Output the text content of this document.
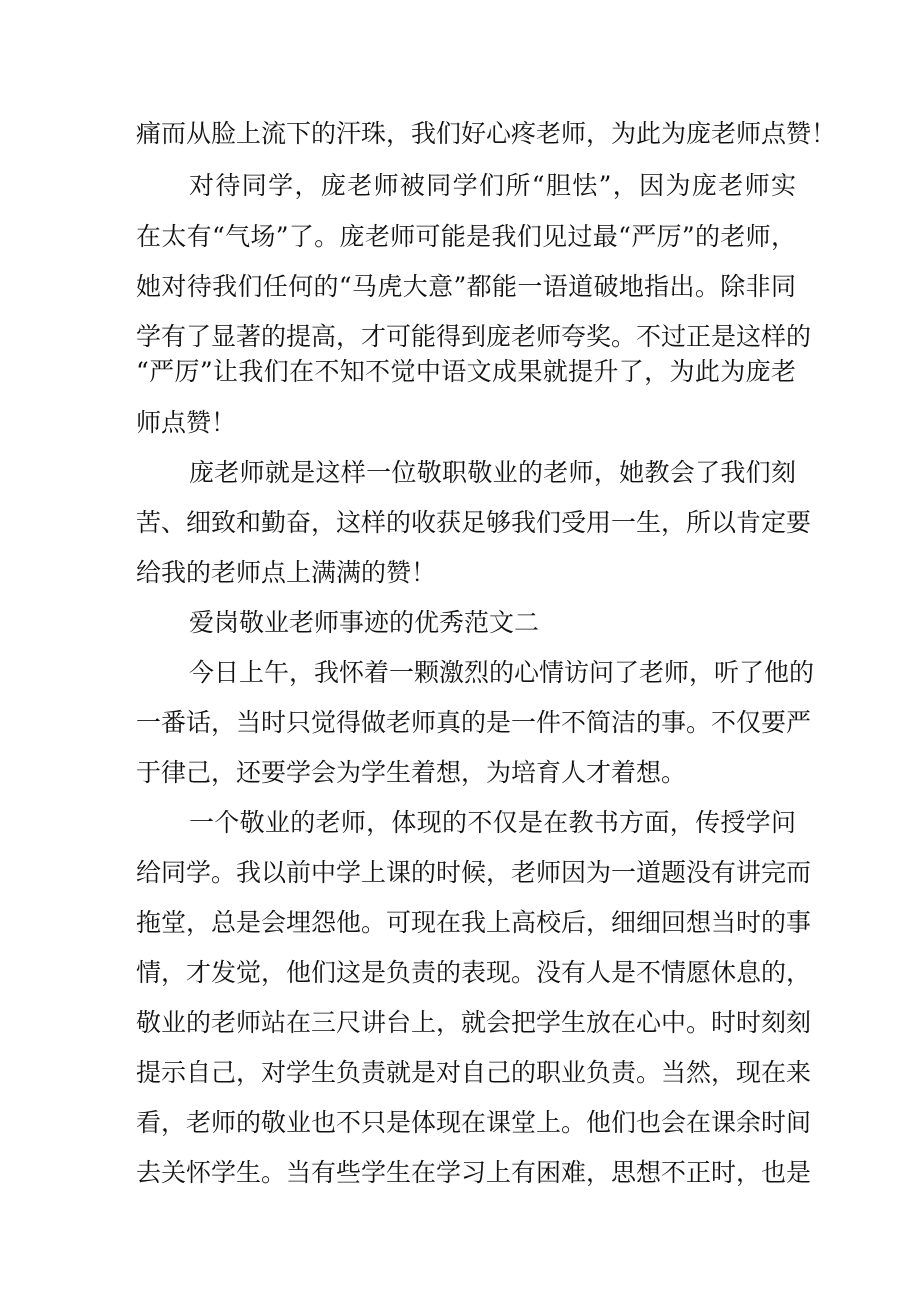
痛而从脸上流下的汗珠，我们好心疼老师，为此为庞老师点赞！
对待同学，庞老师被同学们所“胆怯”，因为庞老师实
在太有“气场”了。庞老师可能是我们见过最“严厉”的老师，
她对待我们任何的“马虎大意”都能一语道破地指出。除非同
学有了显著的提高，才可能得到庞老师夸奖。不过正是这样的
“严厉”让我们在不知不觉中语文成果就提升了，为此为庞老
师点赞！
庞老师就是这样一位敬职敬业的老师，她教会了我们刻
苦、细致和勤奋，这样的收获足够我们受用一生，所以肯定要
给我的老师点上满满的赞！
爱岗敬业老师事迹的优秀范文二
今日上午，我怀着一颗激烈的心情访问了老师，听了他的
一番话，当时只觉得做老师真的是一件不简洁的事。不仅要严
于律己，还要学会为学生着想，为培育人才着想。
一个敬业的老师，体现的不仅是在教书方面，传授学问
给同学。我以前中学上课的时候，老师因为一道题没有讲完而
拖堂，总是会埋怨他。可现在我上高校后，细细回想当时的事
情，才发觉，他们这是负责的表现。没有人是不情愿休息的，
敬业的老师站在三尺讲台上，就会把学生放在心中。时时刻刻
提示自己，对学生负责就是对自己的职业负责。当然，现在来
看，老师的敬业也不只是体现在课堂上。他们也会在课余时间
去关怀学生。当有些学生在学习上有困难，思想不正时，也是
